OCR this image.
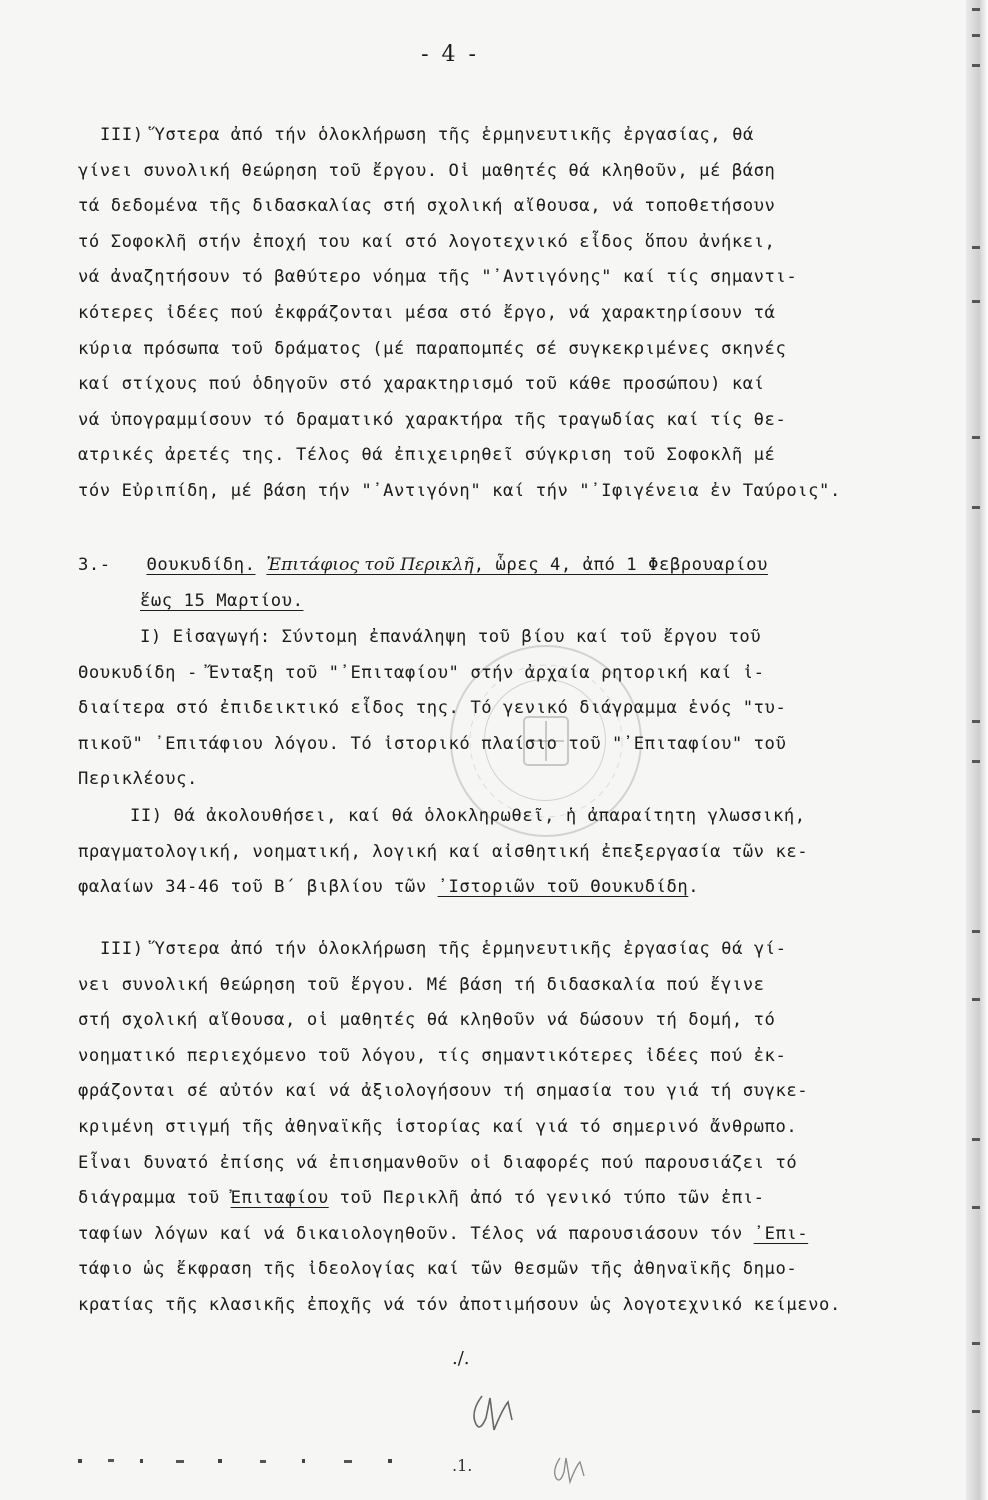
- 4 -
III) Ὕστερα ἀπό τήν ὁλοκλήρωση τῆς ἑρμηνευτικῆς ἐργασίας, θά
γίνει συνολική θεώρηση τοῦ ἔργου. Οἱ μαθητές θά κληθοῦν, μέ βάση
τά δεδομένα τῆς διδασκαλίας στή σχολική αἴθουσα, νά τοποθετήσουν
τό Σοφοκλῆ στήν ἐποχή του καί στό λογοτεχνικό εἶδος ὅπου ἀνήκει,
νά ἀναζητήσουν τό βαθύτερο νόημα τῆς "᾽Αντιγόνης" καί τίς σημαντι-
κότερες ἰδέες πού ἐκφράζονται μέσα στό ἔργο, νά χαρακτηρίσουν τά
κύρια πρόσωπα τοῦ δράματος (μέ παραπομπές σέ συγκεκριμένες σκηνές
καί στίχους πού ὁδηγοῦν στό χαρακτηρισμό τοῦ κάθε προσώπου) καί
νά ὑπογραμμίσουν τό δραματικό χαρακτήρα τῆς τραγωδίας καί τίς θε-
ατρικές ἀρετές της. Τέλος θά ἐπιχειρηθεῖ σύγκριση τοῦ Σοφοκλῆ μέ
τόν Εὐριπίδη, μέ βάση τήν "᾽Αντιγόνη" καί τήν "᾽Ιφιγένεια ἐν Ταύροις".
3.- Θουκυδίδη. Ἐπιτάφιος τοῦ Περικλῆ, ὧρες 4, ἀπό 1 Φεβρουαρίου
ἕως 15 Μαρτίου.
I) Εἰσαγωγή: Σύντομη ἐπανάληψη τοῦ βίου καί τοῦ ἔργου τοῦ
Θουκυδίδη - Ἔνταξη τοῦ "᾽Επιταφίου" στήν ἀρχαία ρητορική καί ἰ-
διαίτερα στό ἐπιδεικτικό εἶδος της. Τό γενικό διάγραμμα ἑνός "τυ-
πικοῦ" ᾽Επιτάφιου λόγου. Τό ἱστορικό πλαίσιο τοῦ "᾽Επιταφίου" τοῦ
Περικλέους.
II) Θά ἀκολουθήσει, καί θά ὁλοκληρωθεῖ, ἡ ἀπαραίτητη γλωσσική,
πραγματολογική, νοηματική, λογική καί αἰσθητική ἐπεξεργασία τῶν κε-
φαλαίων 34-46 τοῦ Β΄ βιβλίου τῶν ᾽Ιστοριῶν τοῦ Θουκυδίδη.
III) Ὕστερα ἀπό τήν ὁλοκλήρωση τῆς ἑρμηνευτικῆς ἐργασίας θά γί-
νει συνολική θεώρηση τοῦ ἔργου. Μέ βάση τή διδασκαλία πού ἔγινε
στή σχολική αἴθουσα, οἱ μαθητές θά κληθοῦν νά δώσουν τή δομή, τό
νοηματικό περιεχόμενο τοῦ λόγου, τίς σημαντικότερες ἰδέες πού ἐκ-
φράζονται σέ αὐτόν καί νά ἀξιολογήσουν τή σημασία του γιά τή συγκε-
κριμένη στιγμή τῆς ἀθηναϊκῆς ἱστορίας καί γιά τό σημερινό ἄνθρωπο.
Εἶναι δυνατό ἐπίσης νά ἐπισημανθοῦν οἱ διαφορές πού παρουσιάζει τό
διάγραμμα τοῦ Ἐπιταφίου τοῦ Περικλῆ ἀπό τό γενικό τύπο τῶν ἐπι-
ταφίων λόγων καί νά δικαιολογηθοῦν. Τέλος νά παρουσιάσουν τόν ᾽Επι-
τάφιο ὡς ἔκφραση τῆς ἰδεολογίας καί τῶν θεσμῶν τῆς ἀθηναϊκῆς δημο-
κρατίας τῆς κλασικῆς ἐποχῆς νά τόν ἀποτιμήσουν ὡς λογοτεχνικό κείμενο.
./.
.1.
